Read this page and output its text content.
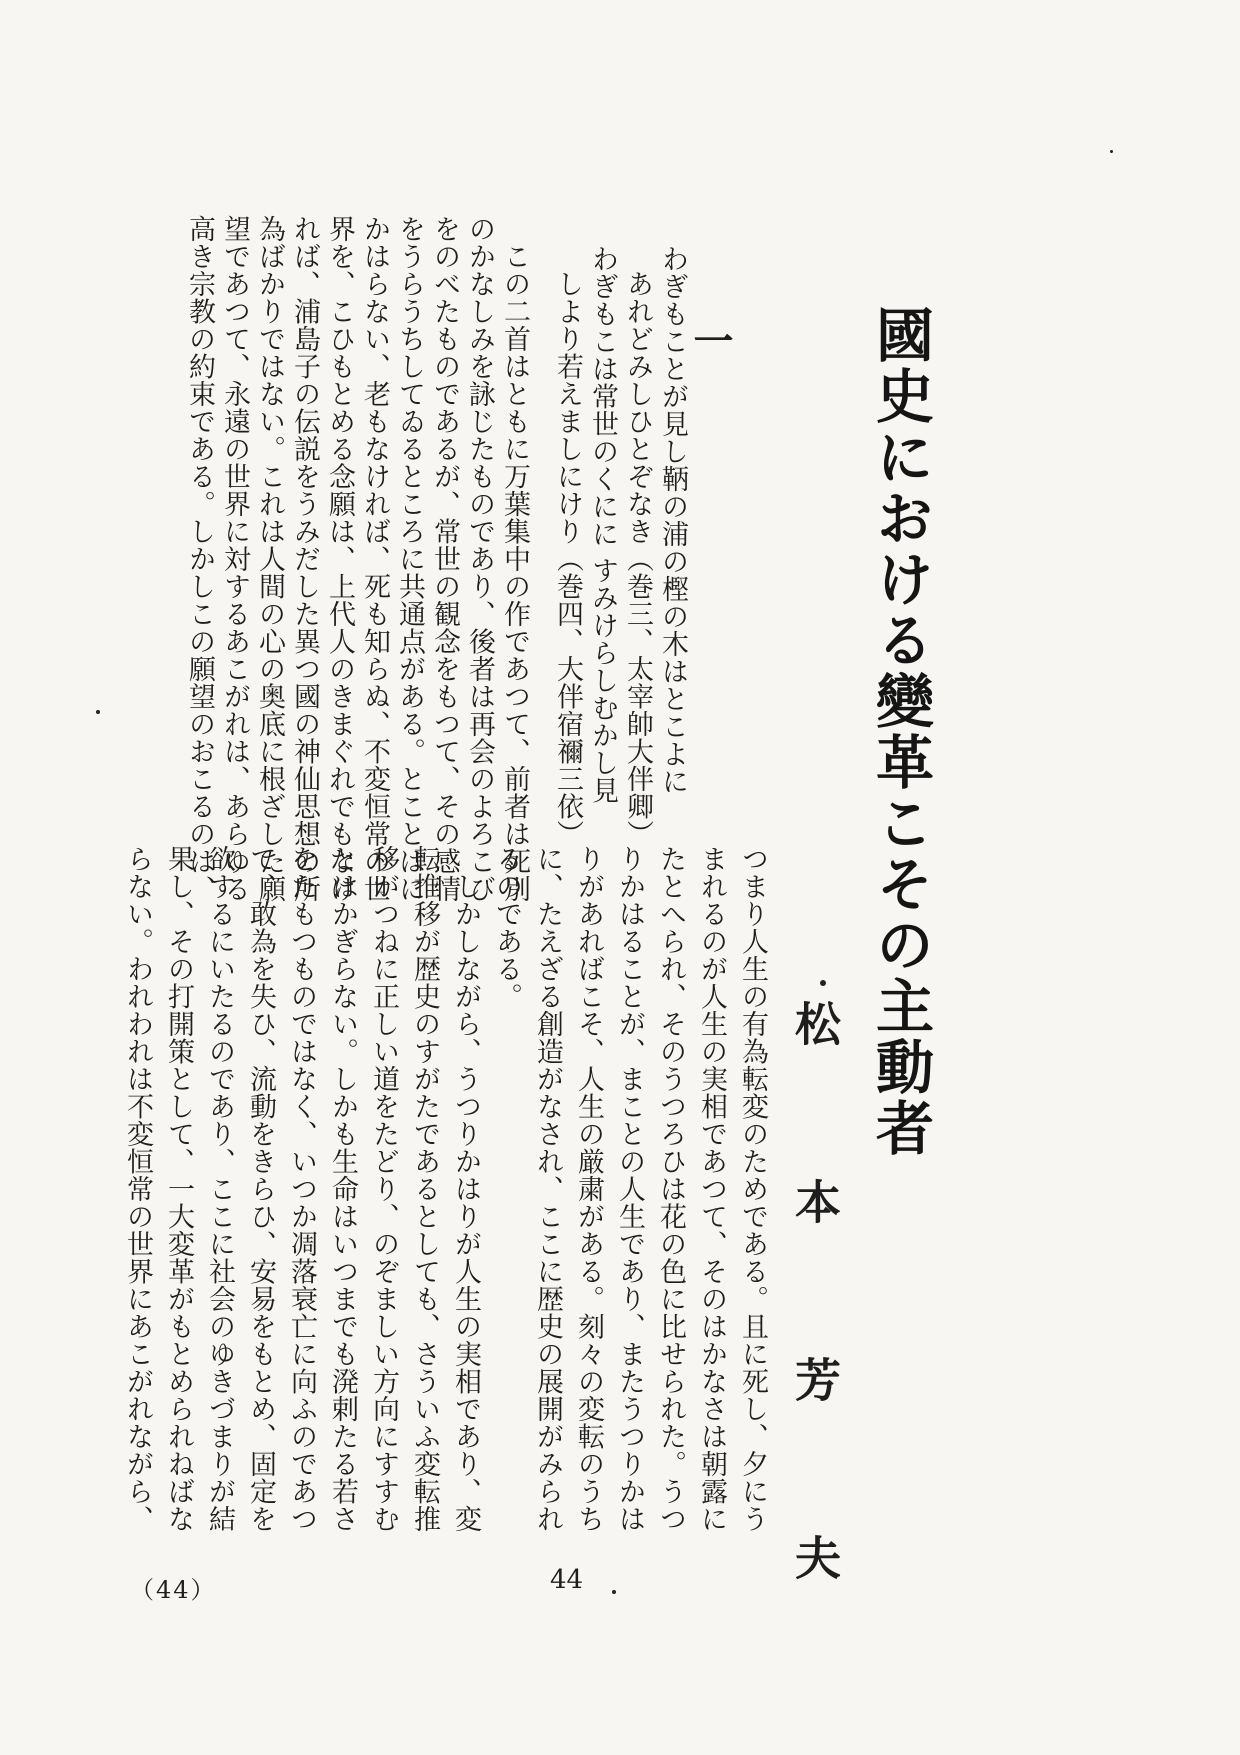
國史における變革こその主動者
松 本 芳 夫
一
わぎもことが見し鞆の浦の樫の木はとこよに
あれどみしひとぞなき（巻三、太宰帥大伴卿）
わぎもこは常世のくにに すみけらしむかし見
しより若えましにけり（巻四、大伴宿禰三依）
　この二首はともに万葉集中の作であつて、前者は死別
のかなしみを詠じたものであり、後者は再会のよろこび
をのべたものであるが、常世の観念をもつて、その感情
をうらうちしてゐるところに共通点がある。とことはに
かはらない、老もなければ、死も知らぬ、不変恒常の世
界を、こひもとめる念願は、上代人のきまぐれでもなけ
れば、浦島子の伝説をうみだした異つ國の神仙思想の所
為ばかりではない。これは人間の心の奥底に根ざした願
望であつて、永遠の世界に対するあこがれは、あらゆる
高き宗教の約束である。しかしこの願望のおこるのは、
つまり人生の有為転変のためである。且に死し、夕にう
まれるのが人生の実相であつて、そのはかなさは朝露に
たとへられ、そのうつろひは花の色に比せられた。うつ
りかはることが、まことの人生であり、またうつりかは
りがあればこそ、人生の厳粛がある。刻々の変転のうち
に、たえざる創造がなされ、ここに歴史の展開がみられ
るのである。
　しかしながら、うつりかはりが人生の実相であり、変
転推移が歴史のすがたであるとしても、さういふ変転推
移がつねに正しい道をたどり、のぞましい方向にすすむ
とはかぎらない。しかも生命はいつまでも溌剌たる若さ
をたもつものではなく、いつか凋落衰亡に向ふのであつ
て、敢為を失ひ、流動をきらひ、安易をもとめ、固定を
欲するにいたるのであり、ここに社会のゆきづまりが結
果し、その打開策として、一大変革がもとめられねばな
らない。われわれは不変恒常の世界にあこがれながら、
（44）	44
